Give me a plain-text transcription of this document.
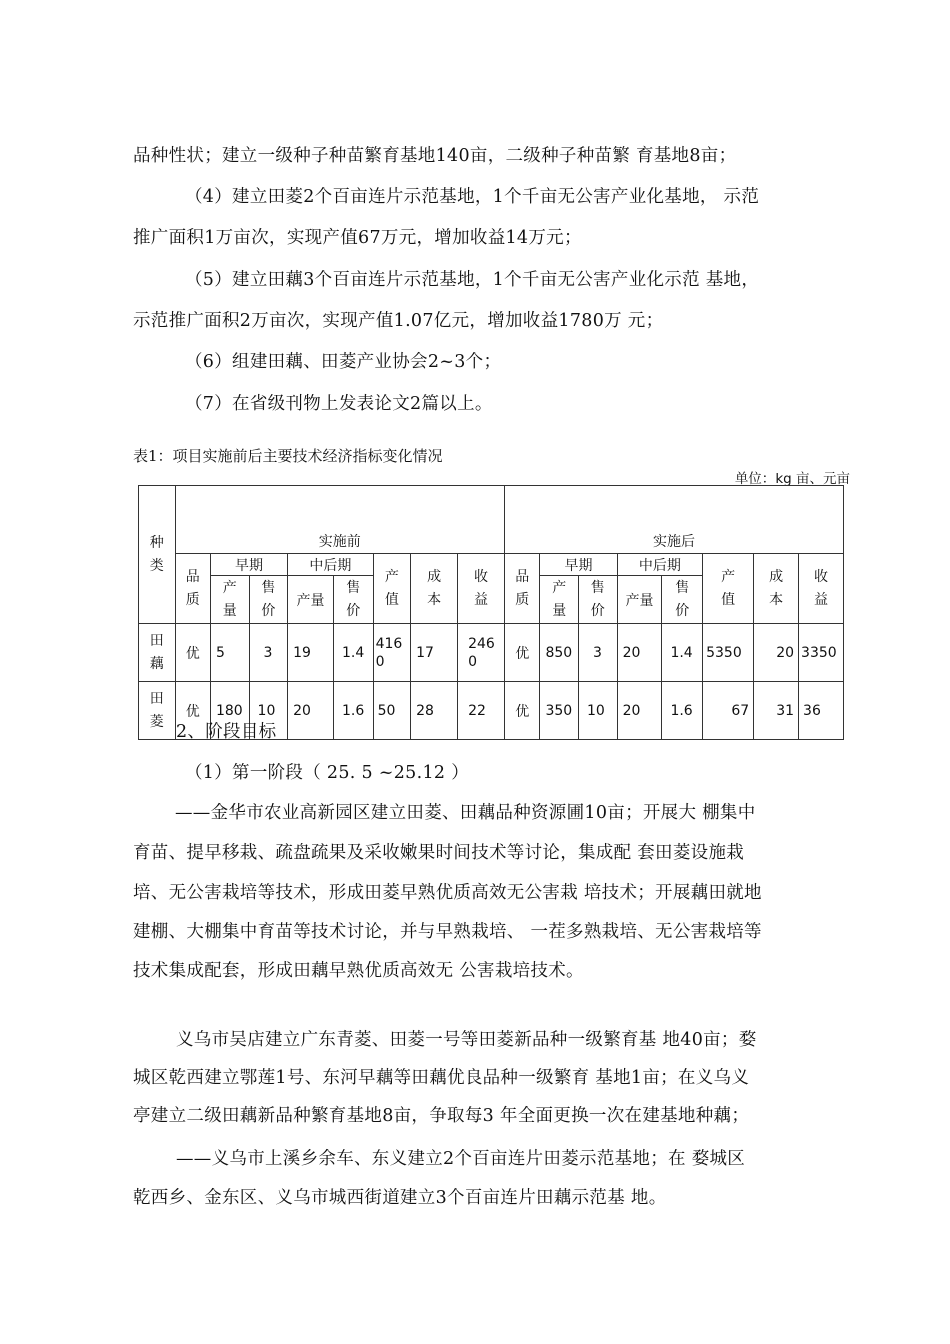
品种性状；建立一级种子种苗繁育基地140亩，二级种子种苗繁 育基地8亩；
（4）建立田菱2个百亩连片示范基地，1个千亩无公害产业化基地， 示范
推广面积1万亩次，实现产值67万元，增加收益14万元；
（5）建立田藕3个百亩连片示范基地，1个千亩无公害产业化示范 基地，
示范推广面积2万亩次，实现产值1.07亿元，增加收益1780万 元；
（6）组建田藕、田菱产业协会2~3个；
（7）在省级刊物上发表论文2篇以上。
表1：项目实施前后主要技术经济指标变化情况
单位：kg 亩、元亩
种类	实施前								实施后							

	品质	早期		中后期		产值	成本	收益	品质	早期		中后期		产值	成本	收益

		产量	售价	产量	售价					产量	售价	产量	售价			

田藕	优	5	3	19	1.4	4160	17	2460	优	850	3	20	1.4	5350	20	3350

田菱	优	180	10	20	1.6	50	28	22	优	350	10	20	1.6	67	31	36
2、阶段目标
（1）第一阶段（ 25. 5 ~25.12 ）
——金华市农业高新园区建立田菱、田藕品种资源圃10亩；开展大 棚集中
育苗、提早移栽、疏盘疏果及采收嫩果时间技术等讨论，集成配 套田菱设施栽
培、无公害栽培等技术，形成田菱早熟优质高效无公害栽 培技术；开展藕田就地
建棚、大棚集中育苗等技术讨论，并与早熟栽培、 一茬多熟栽培、无公害栽培等
技术集成配套，形成田藕早熟优质高效无 公害栽培技术。
义乌市吴店建立广东青菱、田菱一号等田菱新品种一级繁育基 地40亩；婺
城区乾西建立鄂莲1号、东河早藕等田藕优良品种一级繁育 基地1亩；在义乌义
亭建立二级田藕新品种繁育基地8亩，争取每3 年全面更换一次在建基地种藕；
——义乌市上溪乡余车、东义建立2个百亩连片田菱示范基地；在 婺城区
乾西乡、金东区、义乌市城西街道建立3个百亩连片田藕示范基 地。
